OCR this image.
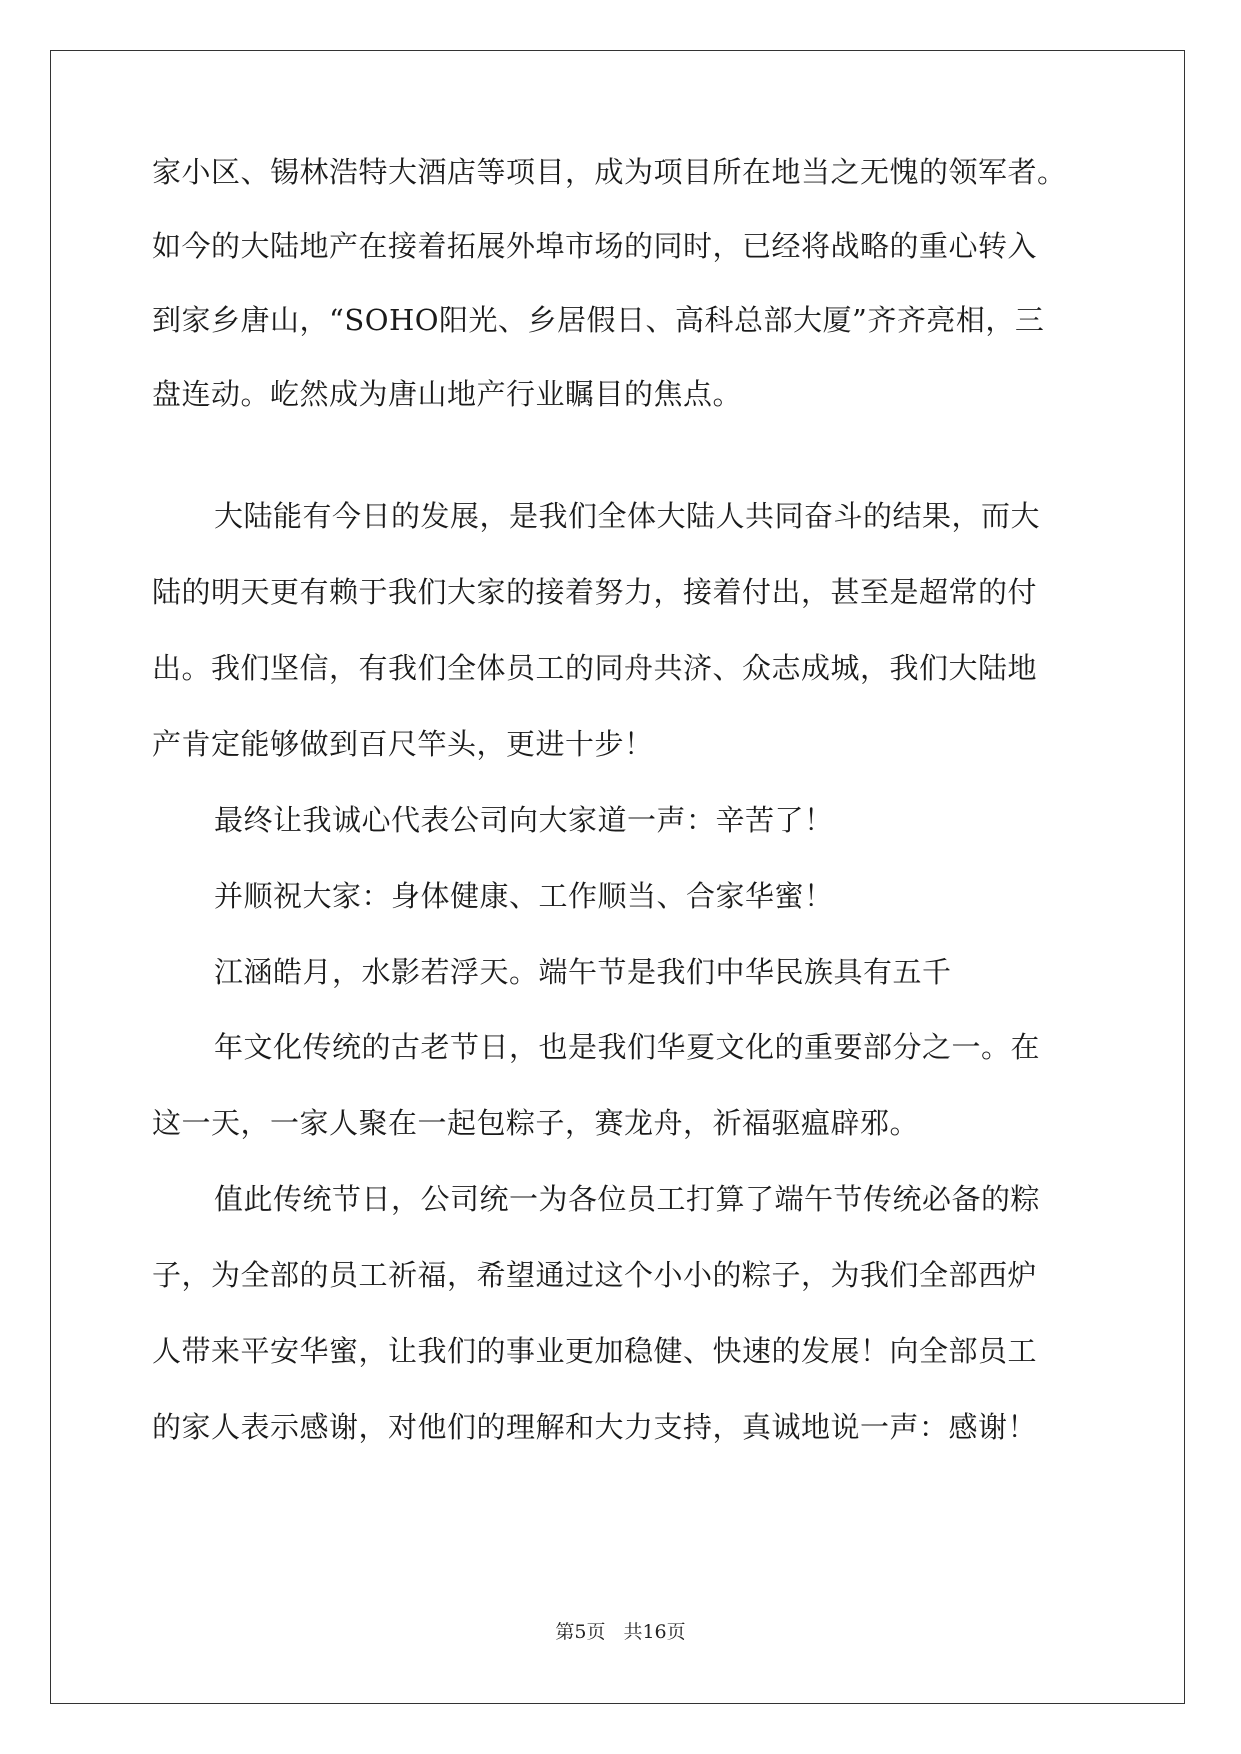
家小区、锡林浩特大酒店等项目，成为项目所在地当之无愧的领军者。
如今的大陆地产在接着拓展外埠市场的同时，已经将战略的重心转入
到家乡唐山，“SOHO阳光、乡居假日、高科总部大厦”齐齐亮相，三
盘连动。屹然成为唐山地产行业瞩目的焦点。
大陆能有今日的发展，是我们全体大陆人共同奋斗的结果，而大
陆的明天更有赖于我们大家的接着努力，接着付出，甚至是超常的付
出。我们坚信，有我们全体员工的同舟共济、众志成城，我们大陆地
产肯定能够做到百尺竿头，更进十步！
最终让我诚心代表公司向大家道一声：辛苦了！
并顺祝大家：身体健康、工作顺当、合家华蜜！
江涵皓月，水影若浮天。端午节是我们中华民族具有五千
年文化传统的古老节日，也是我们华夏文化的重要部分之一。在
这一天，一家人聚在一起包粽子，赛龙舟，祈福驱瘟辟邪。
值此传统节日，公司统一为各位员工打算了端午节传统必备的粽
子，为全部的员工祈福，希望通过这个小小的粽子，为我们全部西炉
人带来平安华蜜，让我们的事业更加稳健、快速的发展！向全部员工
的家人表示感谢，对他们的理解和大力支持，真诚地说一声：感谢！
第5页 共16页
